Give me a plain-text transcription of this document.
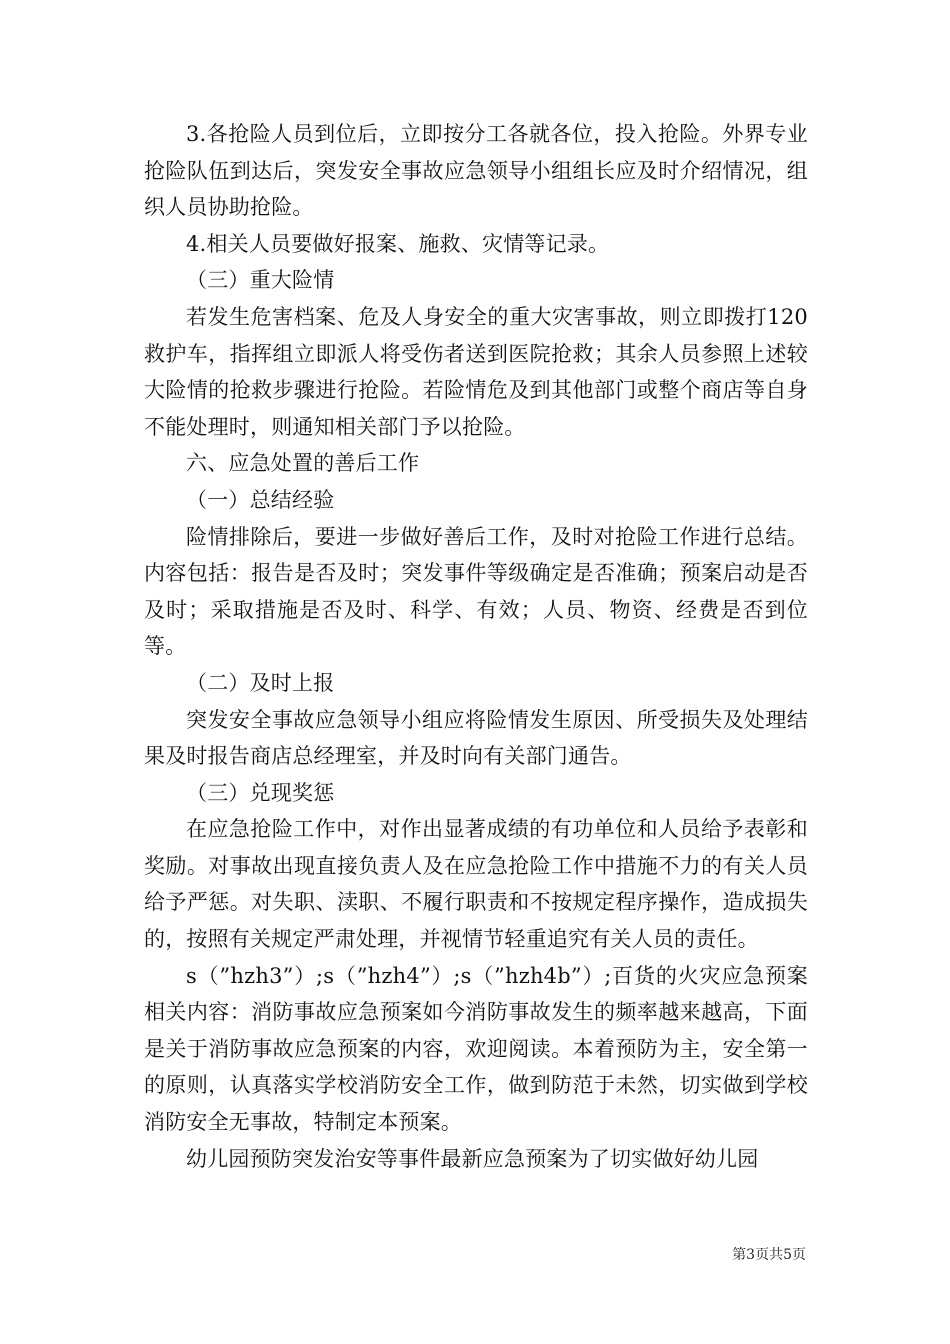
3.各抢险人员到位后，立即按分工各就各位，投入抢险。外界专业抢险队伍到达后，突发安全事故应急领导小组组长应及时介绍情况，组织人员协助抢险。

4.相关人员要做好报案、施救、灾情等记录。

（三）重大险情

若发生危害档案、危及人身安全的重大灾害事故，则立即拨打120救护车，指挥组立即派人将受伤者送到医院抢救；其余人员参照上述较大险情的抢救步骤进行抢险。若险情危及到其他部门或整个商店等自身不能处理时，则通知相关部门予以抢险。

六、应急处置的善后工作

（一）总结经验

险情排除后，要进一步做好善后工作，及时对抢险工作进行总结。内容包括：报告是否及时；突发事件等级确定是否准确；预案启动是否及时；采取措施是否及时、科学、有效；人员、物资、经费是否到位等。

（二）及时上报

突发安全事故应急领导小组应将险情发生原因、所受损失及处理结果及时报告商店总经理室，并及时向有关部门通告。

（三）兑现奖惩

在应急抢险工作中，对作出显著成绩的有功单位和人员给予表彰和奖励。对事故出现直接负责人及在应急抢险工作中措施不力的有关人员给予严惩。对失职、渎职、不履行职责和不按规定程序操作，造成损失的，按照有关规定严肃处理，并视情节轻重追究有关人员的责任。

s（”hzh3”）;s（”hzh4”）;s（”hzh4b”）;百货的火灾应急预案相关内容：消防事故应急预案如今消防事故发生的频率越来越高，下面是关于消防事故应急预案的内容，欢迎阅读。本着预防为主，安全第一的原则，认真落实学校消防安全工作，做到防范于未然，切实做到学校消防安全无事故，特制定本预案。

幼儿园预防突发治安等事件最新应急预案为了切实做好幼儿园

第3页共5页
